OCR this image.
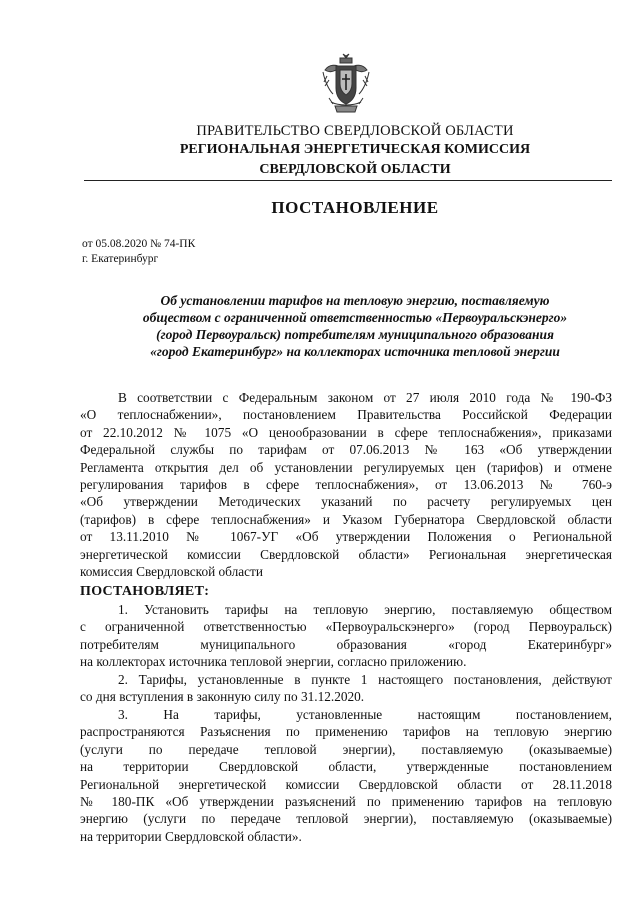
ПРАВИТЕЛЬСТВО СВЕРДЛОВСКОЙ ОБЛАСТИ
РЕГИОНАЛЬНАЯ ЭНЕРГЕТИЧЕСКАЯ КОМИССИЯ
СВЕРДЛОВСКОЙ ОБЛАСТИ
ПОСТАНОВЛЕНИЕ
от 05.08.2020 № 74-ПК
г. Екатеринбург
Об установлении тарифов на тепловую энергию, поставляемую
обществом с ограниченной ответственностью «Первоуральскэнерго»
(город Первоуральск) потребителям муниципального образования
«город Екатеринбург» на коллекторах источника тепловой энергии
В соответствии с Федеральным законом от 27 июля 2010 года № 190-ФЗ
«О теплоснабжении», постановлением Правительства Российской Федерации
от 22.10.2012 № 1075 «О ценообразовании в сфере теплоснабжения», приказами
Федеральной службы по тарифам от 07.06.2013 № 163 «Об утверждении
Регламента открытия дел об установлении регулируемых цен (тарифов) и отмене
регулирования тарифов в сфере теплоснабжения», от 13.06.2013 № 760-э
«Об утверждении Методических указаний по расчету регулируемых цен
(тарифов) в сфере теплоснабжения» и Указом Губернатора Свердловской области
от 13.11.2010 № 1067-УГ «Об утверждении Положения о Региональной
энергетической комиссии Свердловской области» Региональная энергетическая
комиссия Свердловской области
ПОСТАНОВЛЯЕТ:
1. Установить тарифы на тепловую энергию, поставляемую обществом
с ограниченной ответственностью «Первоуральскэнерго» (город Первоуральск)
потребителям муниципального образования «город Екатеринбург»
на коллекторах источника тепловой энергии, согласно приложению.
2. Тарифы, установленные в пункте 1 настоящего постановления, действуют
со дня вступления в законную силу по 31.12.2020.
3. На тарифы, установленные настоящим постановлением,
распространяются Разъяснения по применению тарифов на тепловую энергию
(услуги по передаче тепловой энергии), поставляемую (оказываемые)
на территории Свердловской области, утвержденные постановлением
Региональной энергетической комиссии Свердловской области от 28.11.2018
№ 180-ПК «Об утверждении разъяснений по применению тарифов на тепловую
энергию (услуги по передаче тепловой энергии), поставляемую (оказываемые)
на территории Свердловской области».
